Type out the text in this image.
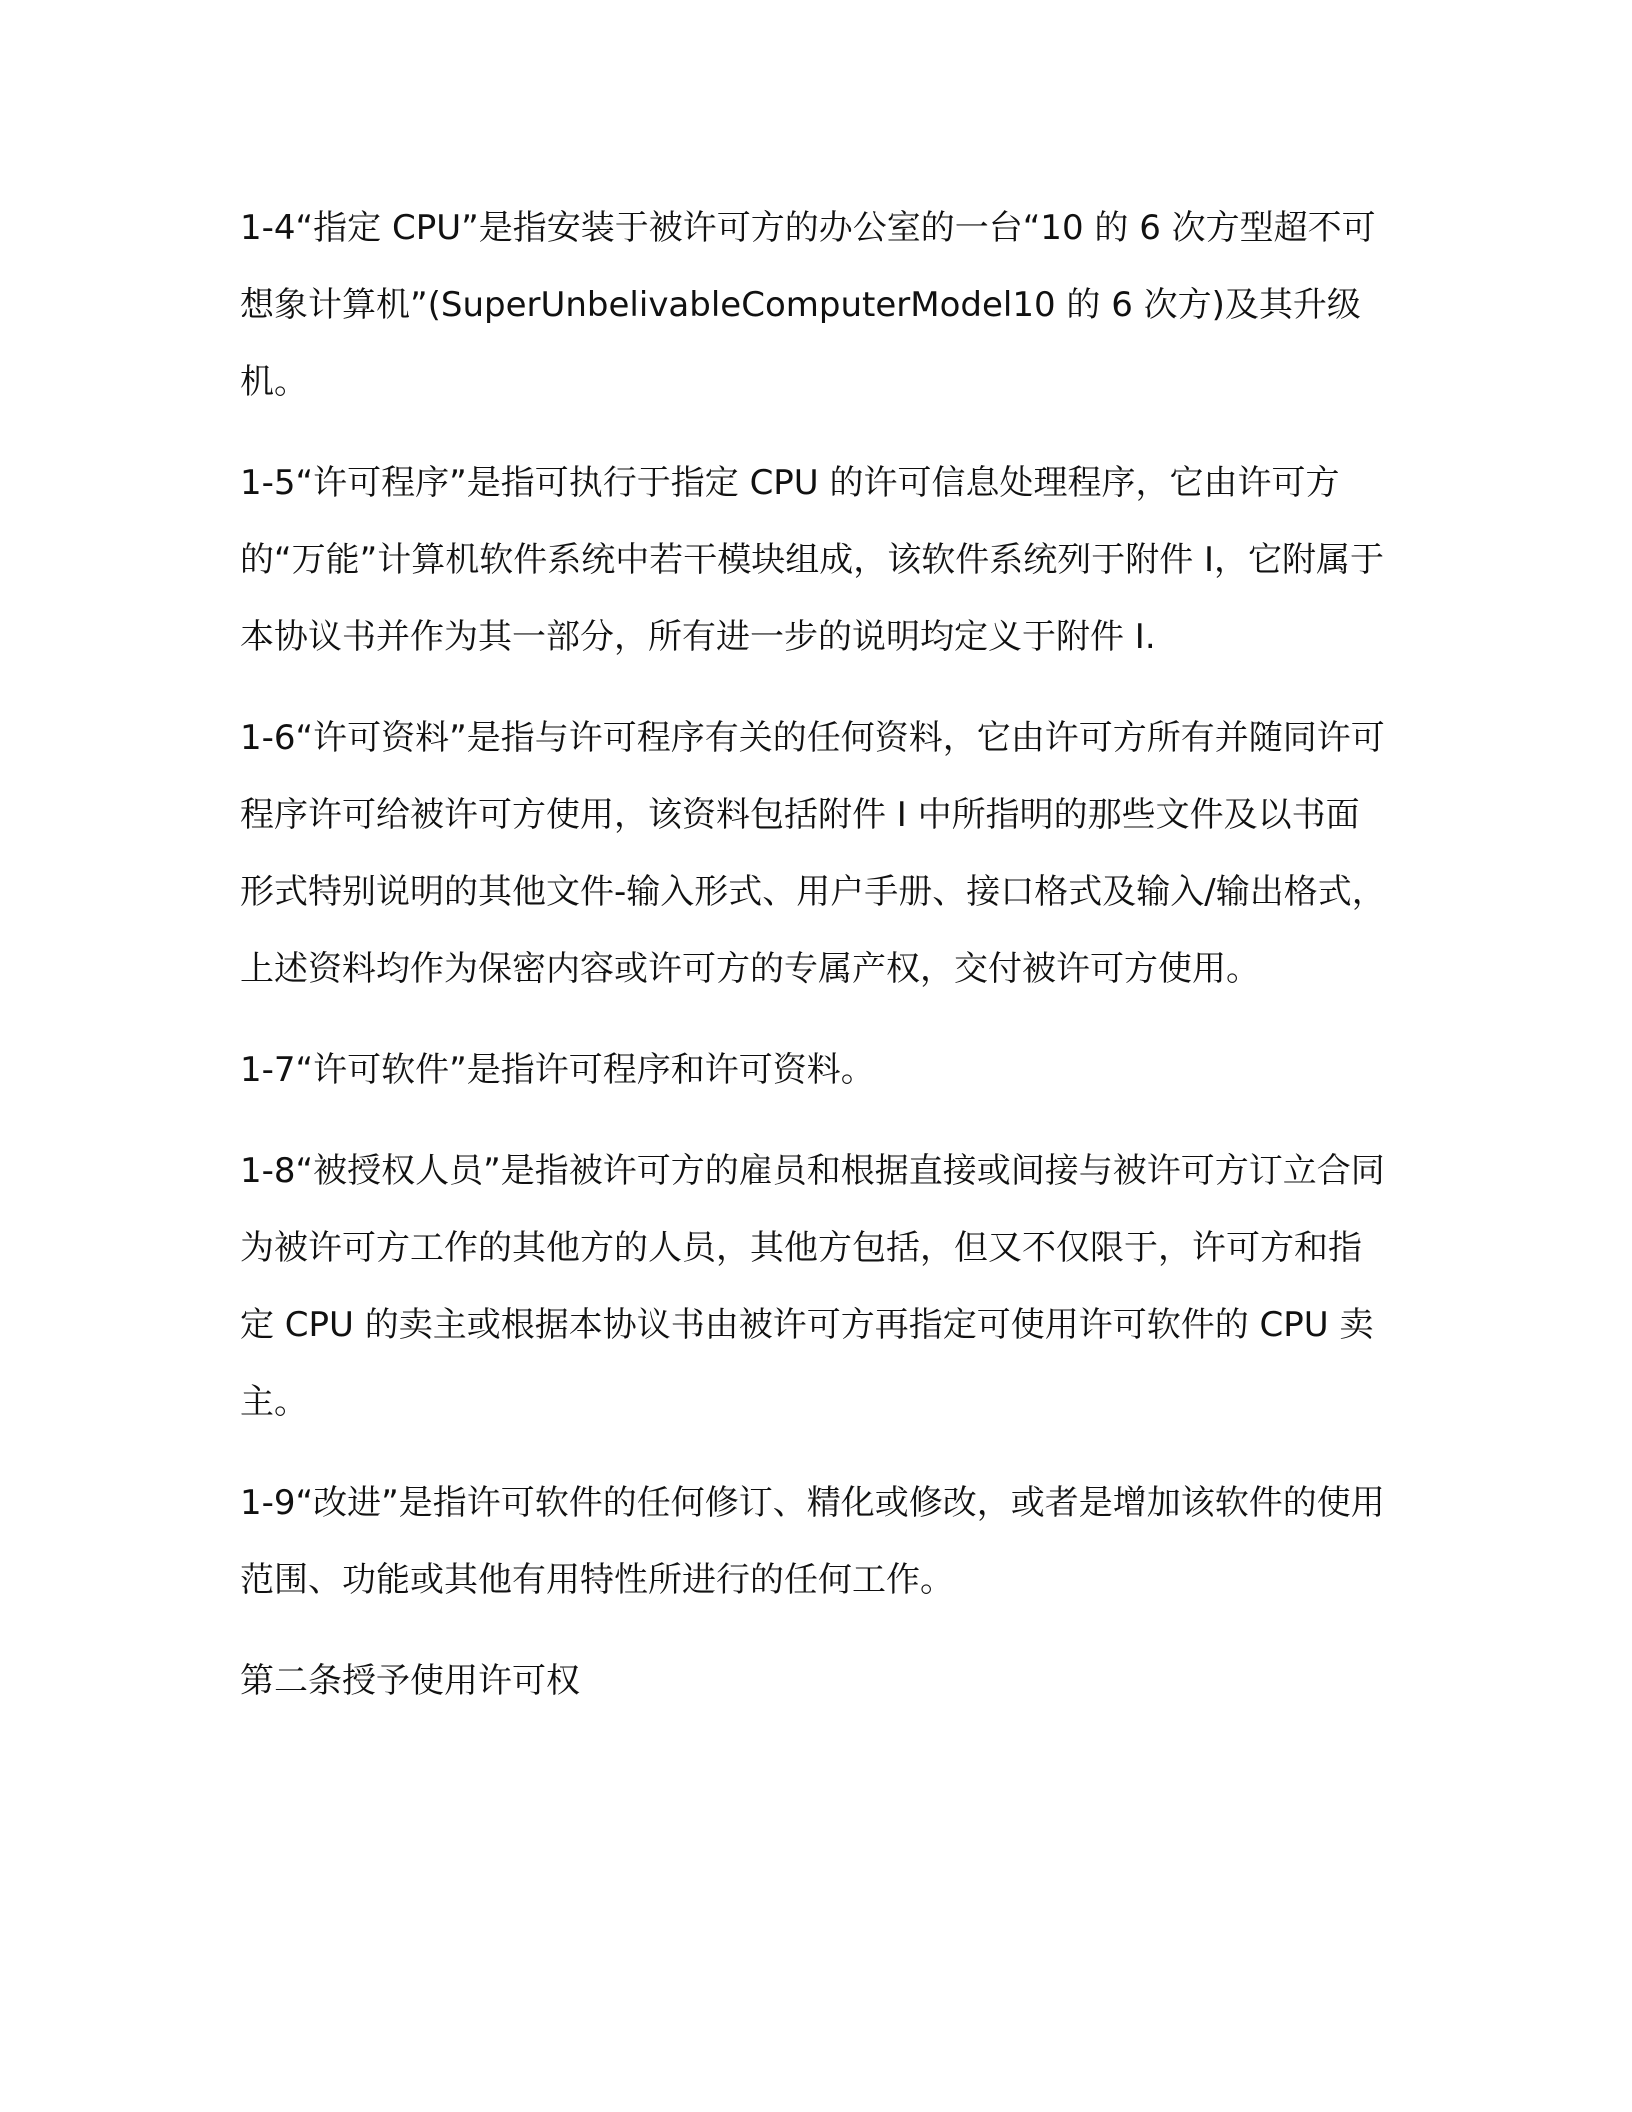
1-4“指定 CPU”是指安装于被许可方的办公室的一台“10 的 6 次方型超不可想象计算机”(SuperUnbelivableComputerModel10 的 6 次方)及其升级机。

1-5“许可程序”是指可执行于指定 CPU 的许可信息处理程序，它由许可方的“万能”计算机软件系统中若干模块组成，该软件系统列于附件 I，它附属于本协议书并作为其一部分，所有进一步的说明均定义于附件 I.

1-6“许可资料”是指与许可程序有关的任何资料，它由许可方所有并随同许可程序许可给被许可方使用，该资料包括附件 I 中所指明的那些文件及以书面形式特别说明的其他文件-输入形式、用户手册、接口格式及输入/输出格式，上述资料均作为保密内容或许可方的专属产权，交付被许可方使用。

1-7“许可软件”是指许可程序和许可资料。

1-8“被授权人员”是指被许可方的雇员和根据直接或间接与被许可方订立合同为被许可方工作的其他方的人员，其他方包括，但又不仅限于，许可方和指定 CPU 的卖主或根据本协议书由被许可方再指定可使用许可软件的 CPU 卖主。

1-9“改进”是指许可软件的任何修订、精化或修改，或者是增加该软件的使用范围、功能或其他有用特性所进行的任何工作。

第二条授予使用许可权
